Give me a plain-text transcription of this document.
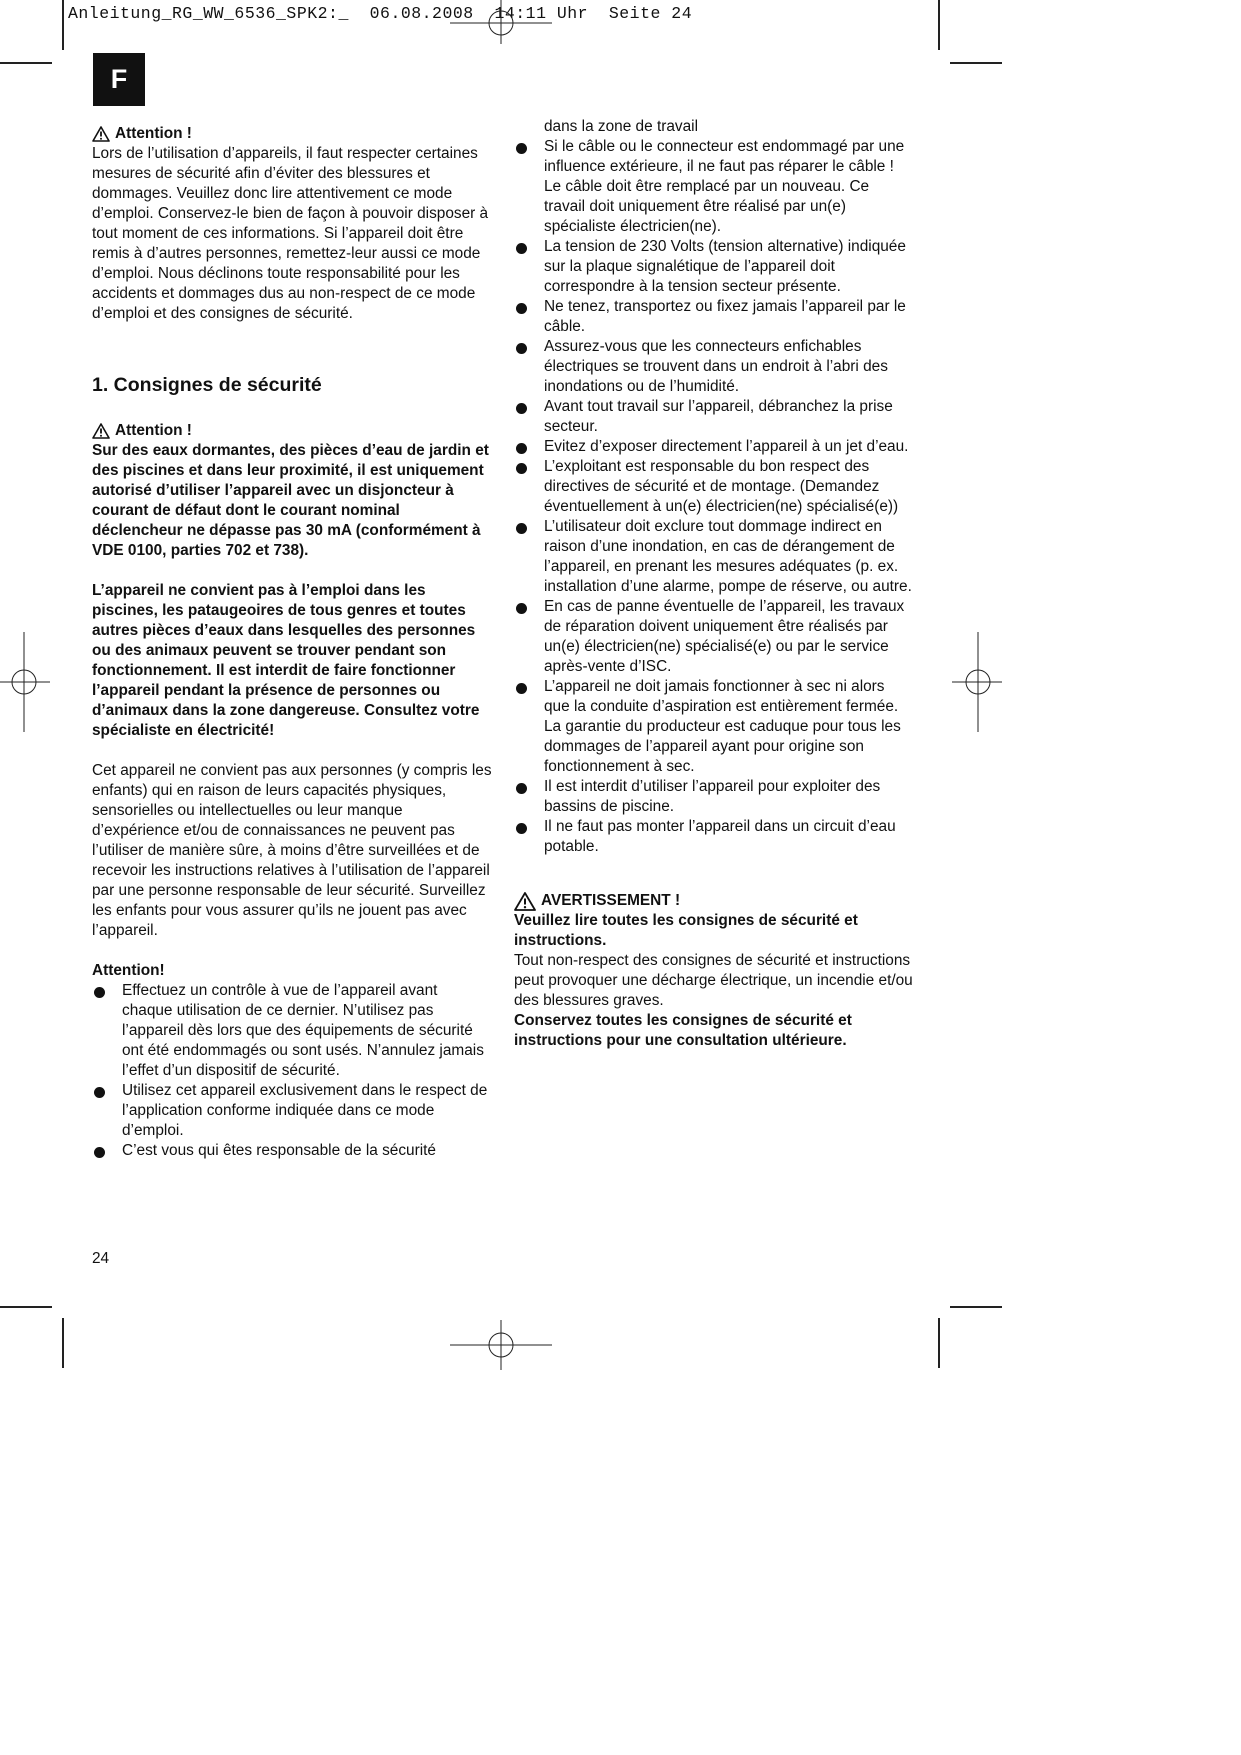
Anleitung_RG_WW_6536_SPK2:_  06.08.2008  14:11 Uhr  Seite 24
F

Attention !

Lors de l’utilisation d’appareils, il faut respecter certaines mesures de sécurité afin d’éviter des blessures et dommages. Veuillez donc lire attentivement ce mode d’emploi. Conservez-le bien de façon à pouvoir disposer à tout moment de ces informations. Si l’appareil doit être remis à d’autres personnes, remettez-leur aussi ce mode d’emploi. Nous déclinons toute responsabilité pour les accidents et dommages dus au non-respect de ce mode d’emploi et des consignes de sécurité.

1. Consignes de sécurité

Attention !

Sur des eaux dormantes, des pièces d’eau de jardin et des piscines et dans leur proximité, il est uniquement autorisé d’utiliser l’appareil avec un disjoncteur à courant de défaut dont le courant nominal déclencheur ne dépasse pas 30 mA (conformément à VDE 0100, parties 702 et 738).

L’appareil ne convient pas à l’emploi dans les piscines, les pataugeoires de tous genres et toutes autres pièces d’eaux dans lesquelles des personnes ou des animaux peuvent se trouver pendant son fonctionnement. Il est interdit de faire fonctionner l’appareil pendant la présence de personnes ou d’animaux dans la zone dangereuse. Consultez votre spécialiste en électricité!

Cet appareil ne convient pas aux personnes (y compris les enfants) qui en raison de leurs capacités physiques, sensorielles ou intellectuelles ou leur manque d’expérience et/ou de connaissances ne peuvent pas l’utiliser de manière sûre, à moins d’être surveillées et de recevoir les instructions relatives à l’utilisation de l’appareil par une personne responsable de leur sécurité. Surveillez les enfants pour vous assurer qu’ils ne jouent pas avec l’appareil.

Attention!

Effectuez un contrôle à vue de l’appareil avant chaque utilisation de ce dernier. N’utilisez pas l’appareil dès lors que des équipements de sécurité ont été endommagés ou sont usés. N’annulez jamais l’effet d’un dispositif de sécurité.
Utilisez cet appareil exclusivement dans le respect de l’application conforme indiquée dans ce mode d’emploi.
C’est vous qui êtes responsable de la sécurité

dans la zone de travail

Si le câble ou le connecteur est endommagé par une influence extérieure, il ne faut pas réparer le câble ! Le câble doit être remplacé par un nouveau. Ce travail doit uniquement être réalisé par un(e) spécialiste électricien(ne).
La tension de 230 Volts (tension alternative) indiquée sur la plaque signalétique de l’appareil doit correspondre à la tension secteur présente.
Ne tenez, transportez ou fixez jamais l’appareil par le câble.
Assurez-vous que les connecteurs enfichables électriques se trouvent dans un endroit à l’abri des inondations ou de l’humidité.
Avant tout travail sur l’appareil, débranchez la prise secteur.
Evitez d’exposer directement l’appareil à un jet d’eau.
L’exploitant est responsable du bon respect des directives de sécurité et de montage. (Demandez éventuellement à un(e) électricien(ne) spécialisé(e))
L’utilisateur doit exclure tout dommage indirect en raison d’une inondation, en cas de dérangement de l’appareil, en prenant les mesures adéquates (p. ex. installation d’une alarme, pompe de réserve, ou autre.
En cas de panne éventuelle de l’appareil, les travaux de réparation doivent uniquement être réalisés par un(e) électricien(ne) spécialisé(e) ou par le service après-vente d’ISC.
L’appareil ne doit jamais fonctionner à sec ni alors que la conduite d’aspiration est entièrement fermée. La garantie du producteur est caduque pour tous les dommages de l’appareil ayant pour origine son fonctionnement à sec.
Il est interdit d’utiliser l’appareil pour exploiter des bassins de piscine.
Il ne faut pas monter l’appareil dans un circuit d’eau potable.

AVERTISSEMENT !

Veuillez lire toutes les consignes de sécurité et instructions.

Tout non-respect des consignes de sécurité et instructions peut provoquer une décharge électrique, un incendie et/ou des blessures graves.

Conservez toutes les consignes de sécurité et instructions pour une consultation ultérieure.

24
